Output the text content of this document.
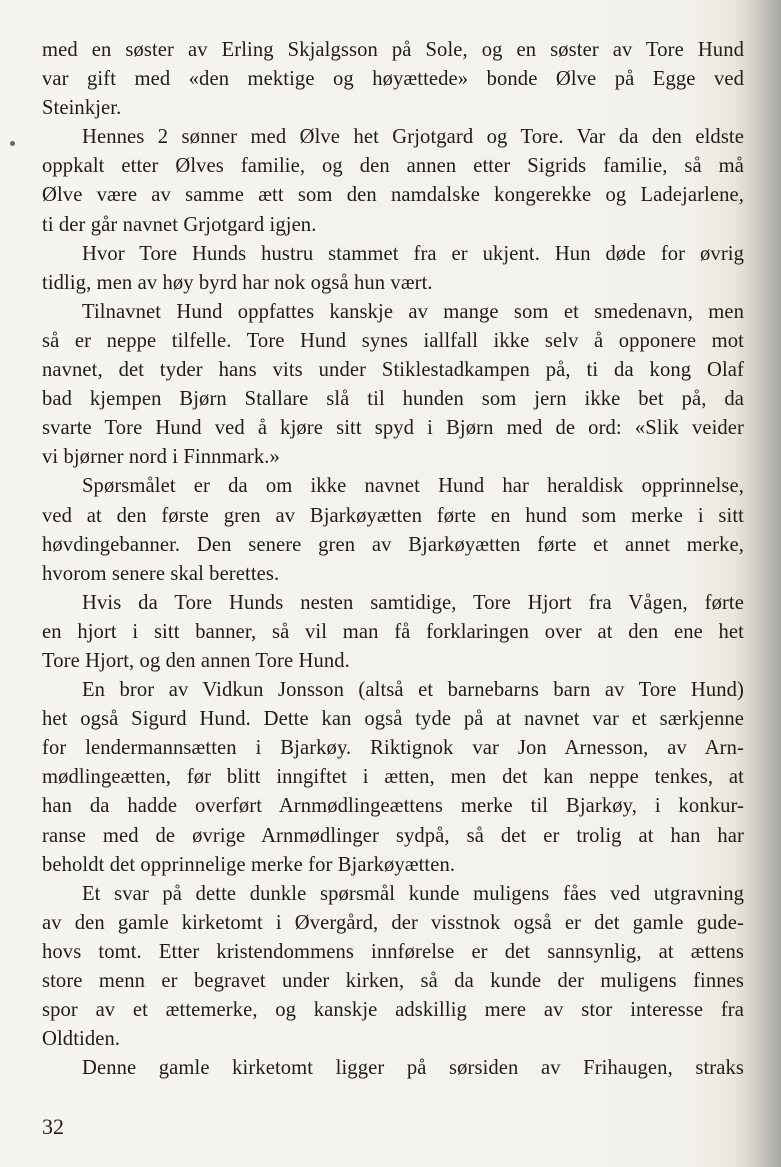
med en søster av Erling Skjalgsson på Sole, og en søster av Tore Hund
var gift med «den mektige og høyættede» bonde Ølve på Egge ved
Steinkjer.

Hennes 2 sønner med Ølve het Grjotgard og Tore. Var da den eldste
oppkalt etter Ølves familie, og den annen etter Sigrids familie, så må
Ølve være av samme ætt som den namdalske kongerekke og Ladejarlene,
ti der går navnet Grjotgard igjen.

Hvor Tore Hunds hustru stammet fra er ukjent. Hun døde for øvrig
tidlig, men av høy byrd har nok også hun vært.

Tilnavnet Hund oppfattes kanskje av mange som et smedenavn, men
så er neppe tilfelle. Tore Hund synes iallfall ikke selv å opponere mot
navnet, det tyder hans vits under Stiklestadkampen på, ti da kong Olaf
bad kjempen Bjørn Stallare slå til hunden som jern ikke bet på, da
svarte Tore Hund ved å kjøre sitt spyd i Bjørn med de ord: «Slik veider
vi bjørner nord i Finnmark.»

Spørsmålet er da om ikke navnet Hund har heraldisk opprinnelse,
ved at den første gren av Bjarkøyætten førte en hund som merke i sitt
høvdingebanner. Den senere gren av Bjarkøyætten førte et annet merke,
hvorom senere skal berettes.

Hvis da Tore Hunds nesten samtidige, Tore Hjort fra Vågen, førte
en hjort i sitt banner, så vil man få forklaringen over at den ene het
Tore Hjort, og den annen Tore Hund.

En bror av Vidkun Jonsson (altså et barnebarns barn av Tore Hund)
het også Sigurd Hund. Dette kan også tyde på at navnet var et særkjenne
for lendermannsætten i Bjarkøy. Riktignok var Jon Arnesson, av Arn-
mødlingeætten, før blitt inngiftet i ætten, men det kan neppe tenkes, at
han da hadde overført Arnmødlingeættens merke til Bjarkøy, i konkur-
ranse med de øvrige Arnmødlinger sydpå, så det er trolig at han har
beholdt det opprinnelige merke for Bjarkøyætten.

Et svar på dette dunkle spørsmål kunde muligens fåes ved utgravning
av den gamle kirketomt i Øvergård, der visstnok også er det gamle gude-
hovs tomt. Etter kristendommens innførelse er det sannsynlig, at ættens
store menn er begravet under kirken, så da kunde der muligens finnes
spor av et ættemerke, og kanskje adskillig mere av stor interesse fra
Oldtiden.

Denne gamle kirketomt ligger på sørsiden av Frihaugen, straks

32
